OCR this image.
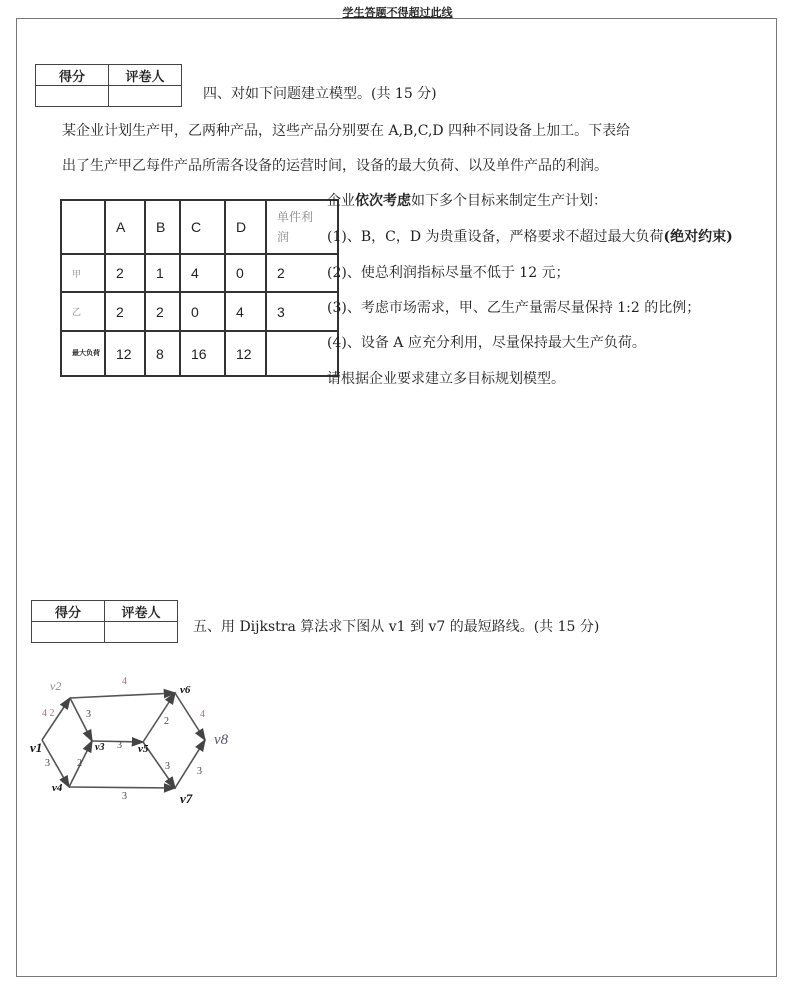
学生答题不得超过此线
得分	评卷人

四、对如下问题建立模型。(共 15 分)
某企业计划生产甲，乙两种产品，这些产品分别要在 A,B,C,D 四种不同设备上加工。下表给
出了生产甲乙每件产品所需各设备的运营时间，设备的最大负荷、以及单件产品的利润。
	A	B	C	D	单件利润
甲	2	1	4	0	2
乙	2	2	0	4	3
最大负荷	12	8	16	12	
企业依次考虑如下多个目标来制定生产计划：
(1)、B，C，D 为贵重设备，严格要求不超过最大负荷(绝对约束)
(2)、使总利润指标尽量不低于 12 元；
(3)、考虑市场需求，甲、乙生产量需尽量保持 1:2 的比例；
(4)、设备 A 应充分利用，尽量保持最大生产负荷。
请根据企业要求建立多目标规划模型。
得分	评卷人

五、用 Dijkstra 算法求下图从 v1 到 v7 的最短路线。(共 15 分)
4 2
3
4
3
2
3
2
3
3
4
3
v1
v2
v3
v4
v5
v6
v7
v8
